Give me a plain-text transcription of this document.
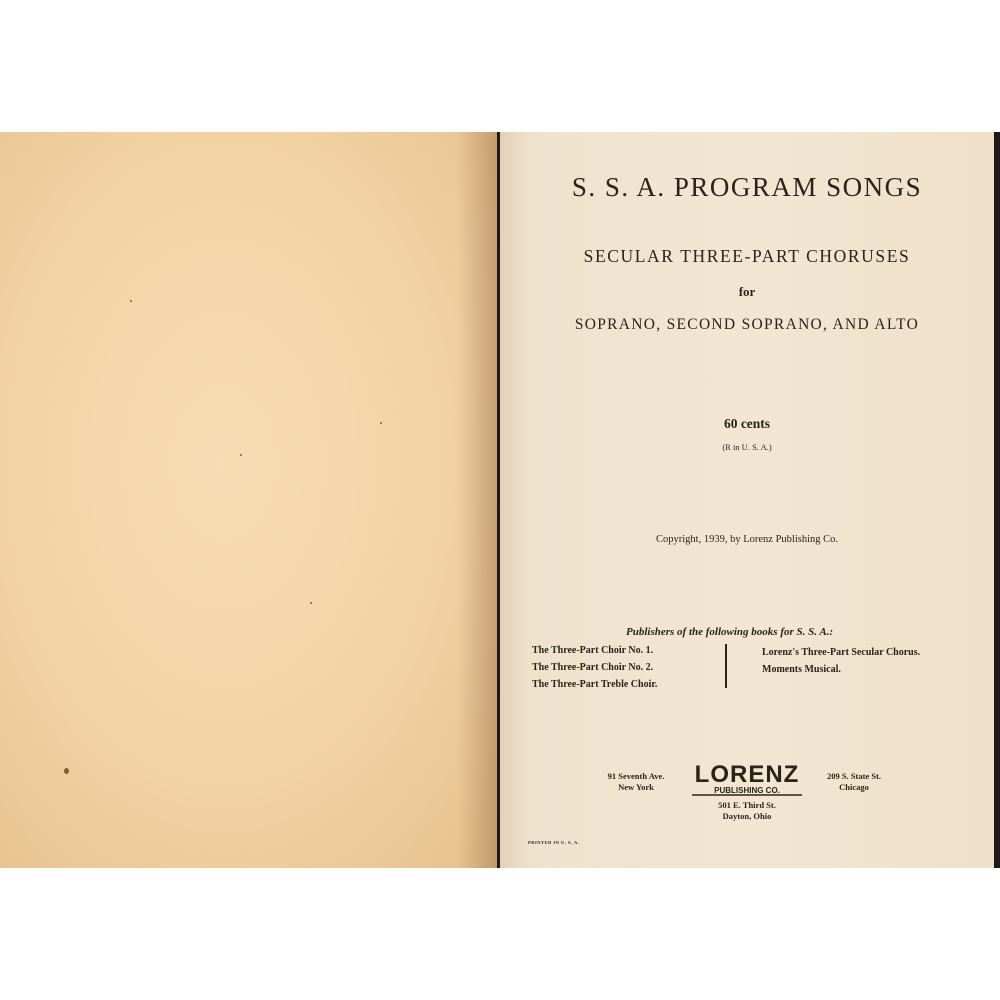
S. S. A. PROGRAM SONGS
SECULAR THREE-PART CHORUSES
for
SOPRANO, SECOND SOPRANO, AND ALTO
60 cents
(R in U. S. A.)
Copyright, 1939, by Lorenz Publishing Co.
Publishers of the following books for S. S. A.:
The Three-Part Choir No. 1.
The Three-Part Choir No. 2.
The Three-Part Treble Choir.
Lorenz's Three-Part Secular Chorus.
Moments Musical.
91 Seventh Ave.
New York	LORENZ
PUBLISHING CO.
209 S. State St.
Chicago
501 E. Third St.
Dayton, Ohio
PRINTED IN U. S. A.
